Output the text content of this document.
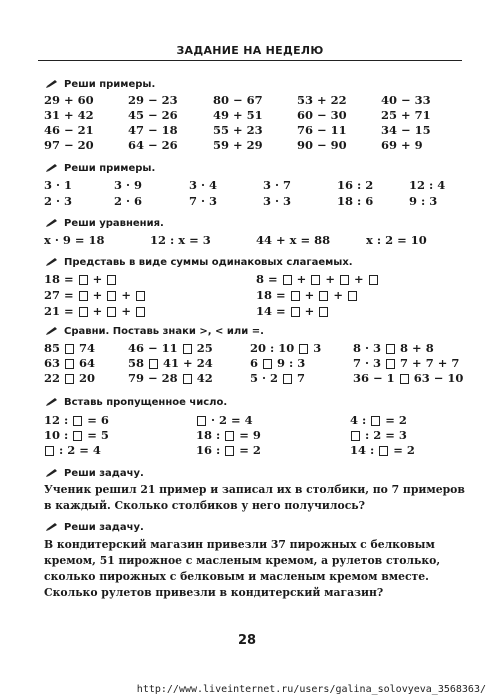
ЗАДАНИЕ НА НЕДЕЛЮ
Реши примеры.
29 + 60	29 − 23	80 − 67	53 + 22	40 − 33
31 + 42	45 − 26	49 + 51	60 − 30	25 + 71
46 − 21	47 − 18	55 + 23	76 − 11	34 − 15
97 − 20	64 − 26	59 + 29	90 − 90	69 + 9
Реши примеры.
3 · 1	3 · 9	3 · 4	3 · 7	16 : 2	12 : 4
2 · 3	2 · 6	7 · 3	3 · 3	18 : 6	9 : 3
Реши уравнения.
x · 9 = 18	12 : x = 3	44 + x = 88	x : 2 = 10
Представь в виде суммы одинаковых слагаемых.
18 =  +
27 =  +  +
21 =  +  +
8 =  +  +  +
18 =  +  +
14 =  +
Сравни. Поставь знаки >, < или =.
85 74	46 − 11 25	20 : 10 3	8 · 3 8 + 8
63 64	58 41 + 24	6 9 : 3	7 · 3 7 + 7 + 7
22 20	79 − 28 42	5 · 2 7	36 − 1 63 − 10
Вставь пропущенное число.
12 : = 6	· 2 = 4	4 : = 2
10 : = 5	18 : = 9	: 2 = 3
: 2 = 4	16 : = 2	14 : = 2
Реши задачу.
Ученик решил 21 пример и записал их в столбики, по 7 примеров в каждый. Сколько столбиков у него получилось?
Реши задачу.
В кондитерский магазин привезли 37 пирожных с белковым кремом, 51 пирожное с масленым кремом, а рулетов столько, сколько пирожных с белковым и масленым кремом вместе. Сколько рулетов привезли в кондитерский магазин?
28
http://www.liveinternet.ru/users/galina_solovyeva_3568363/
